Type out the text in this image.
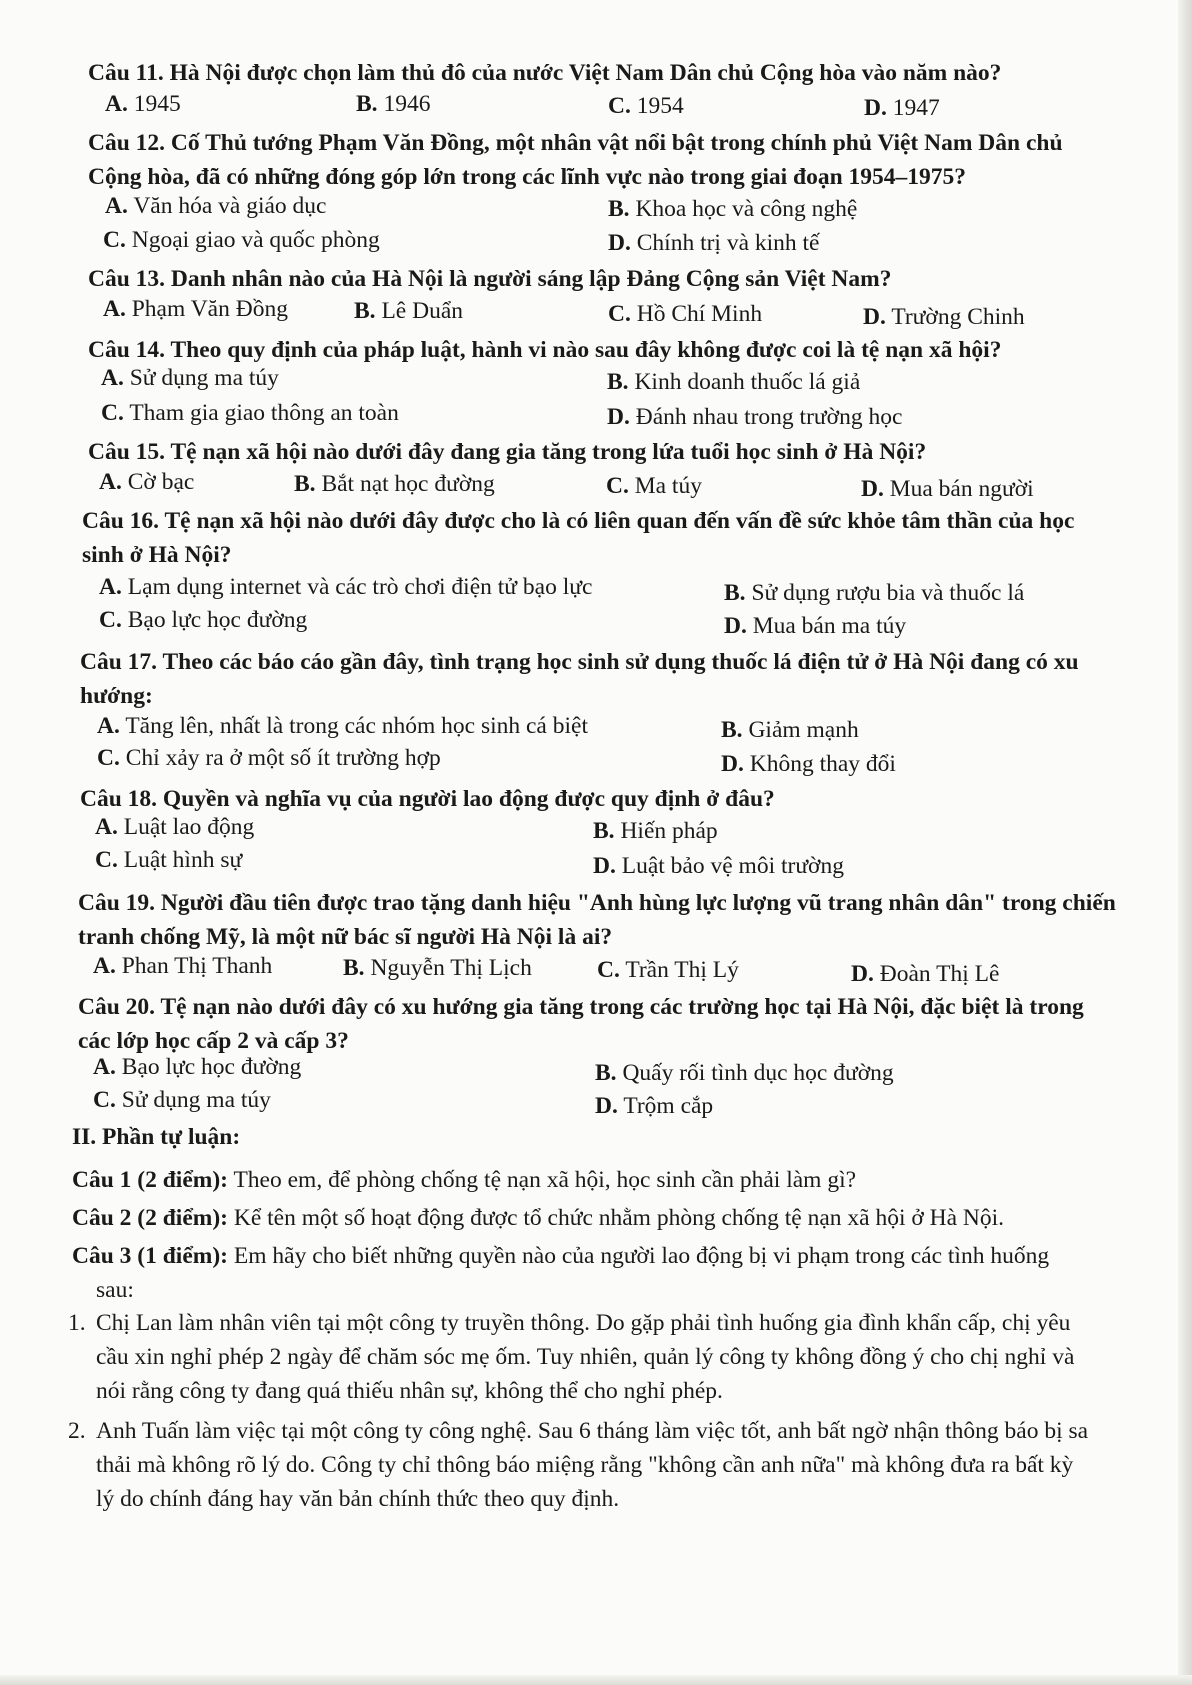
Câu 11. Hà Nội được chọn làm thủ đô của nước Việt Nam Dân chủ Cộng hòa vào năm nào?
A. 1945	B. 1946	C. 1954	D. 1947
Câu 12. Cố Thủ tướng Phạm Văn Đồng, một nhân vật nổi bật trong chính phủ Việt Nam Dân chủ Cộng hòa, đã có những đóng góp lớn trong các lĩnh vực nào trong giai đoạn 1954–1975?
A. Văn hóa và giáo dục	B. Khoa học và công nghệ
C. Ngoại giao và quốc phòng	D. Chính trị và kinh tế
Câu 13. Danh nhân nào của Hà Nội là người sáng lập Đảng Cộng sản Việt Nam?
A. Phạm Văn Đồng	B. Lê Duẩn	C. Hồ Chí Minh	D. Trường Chinh
Câu 14. Theo quy định của pháp luật, hành vi nào sau đây không được coi là tệ nạn xã hội?
A. Sử dụng ma túy	B. Kinh doanh thuốc lá giả
C. Tham gia giao thông an toàn	D. Đánh nhau trong trường học
Câu 15. Tệ nạn xã hội nào dưới đây đang gia tăng trong lứa tuổi học sinh ở Hà Nội?
A. Cờ bạc	B. Bắt nạt học đường	C. Ma túy	D. Mua bán người
Câu 16. Tệ nạn xã hội nào dưới đây được cho là có liên quan đến vấn đề sức khỏe tâm thần của học sinh ở Hà Nội?
A. Lạm dụng internet và các trò chơi điện tử bạo lực	B. Sử dụng rượu bia và thuốc lá
C. Bạo lực học đường	D. Mua bán ma túy
Câu 17. Theo các báo cáo gần đây, tình trạng học sinh sử dụng thuốc lá điện tử ở Hà Nội đang có xu hướng:
A. Tăng lên, nhất là trong các nhóm học sinh cá biệt	B. Giảm mạnh
C. Chỉ xảy ra ở một số ít trường hợp	D. Không thay đổi
Câu 18. Quyền và nghĩa vụ của người lao động được quy định ở đâu?
A. Luật lao động	B. Hiến pháp
C. Luật hình sự	D. Luật bảo vệ môi trường
Câu 19. Người đầu tiên được trao tặng danh hiệu "Anh hùng lực lượng vũ trang nhân dân" trong chiến tranh chống Mỹ, là một nữ bác sĩ người Hà Nội là ai?
A. Phan Thị Thanh	B. Nguyễn Thị Lịch	C. Trần Thị Lý	D. Đoàn Thị Lê
Câu 20. Tệ nạn nào dưới đây có xu hướng gia tăng trong các trường học tại Hà Nội, đặc biệt là trong các lớp học cấp 2 và cấp 3?
A. Bạo lực học đường	B. Quấy rối tình dục học đường
C. Sử dụng ma túy	D. Trộm cắp
II. Phần tự luận:
Câu 1 (2 điểm): Theo em, để phòng chống tệ nạn xã hội, học sinh cần phải làm gì?
Câu 2 (2 điểm): Kể tên một số hoạt động được tổ chức nhằm phòng chống tệ nạn xã hội ở Hà Nội.
Câu 3 (1 điểm): Em hãy cho biết những quyền nào của người lao động bị vi phạm trong các tình huống sau:
1. Chị Lan làm nhân viên tại một công ty truyền thông. Do gặp phải tình huống gia đình khẩn cấp, chị yêu cầu xin nghỉ phép 2 ngày để chăm sóc mẹ ốm. Tuy nhiên, quản lý công ty không đồng ý cho chị nghỉ và nói rằng công ty đang quá thiếu nhân sự, không thể cho nghỉ phép.
2. Anh Tuấn làm việc tại một công ty công nghệ. Sau 6 tháng làm việc tốt, anh bất ngờ nhận thông báo bị sa thải mà không rõ lý do. Công ty chỉ thông báo miệng rằng "không cần anh nữa" mà không đưa ra bất kỳ lý do chính đáng hay văn bản chính thức theo quy định.
